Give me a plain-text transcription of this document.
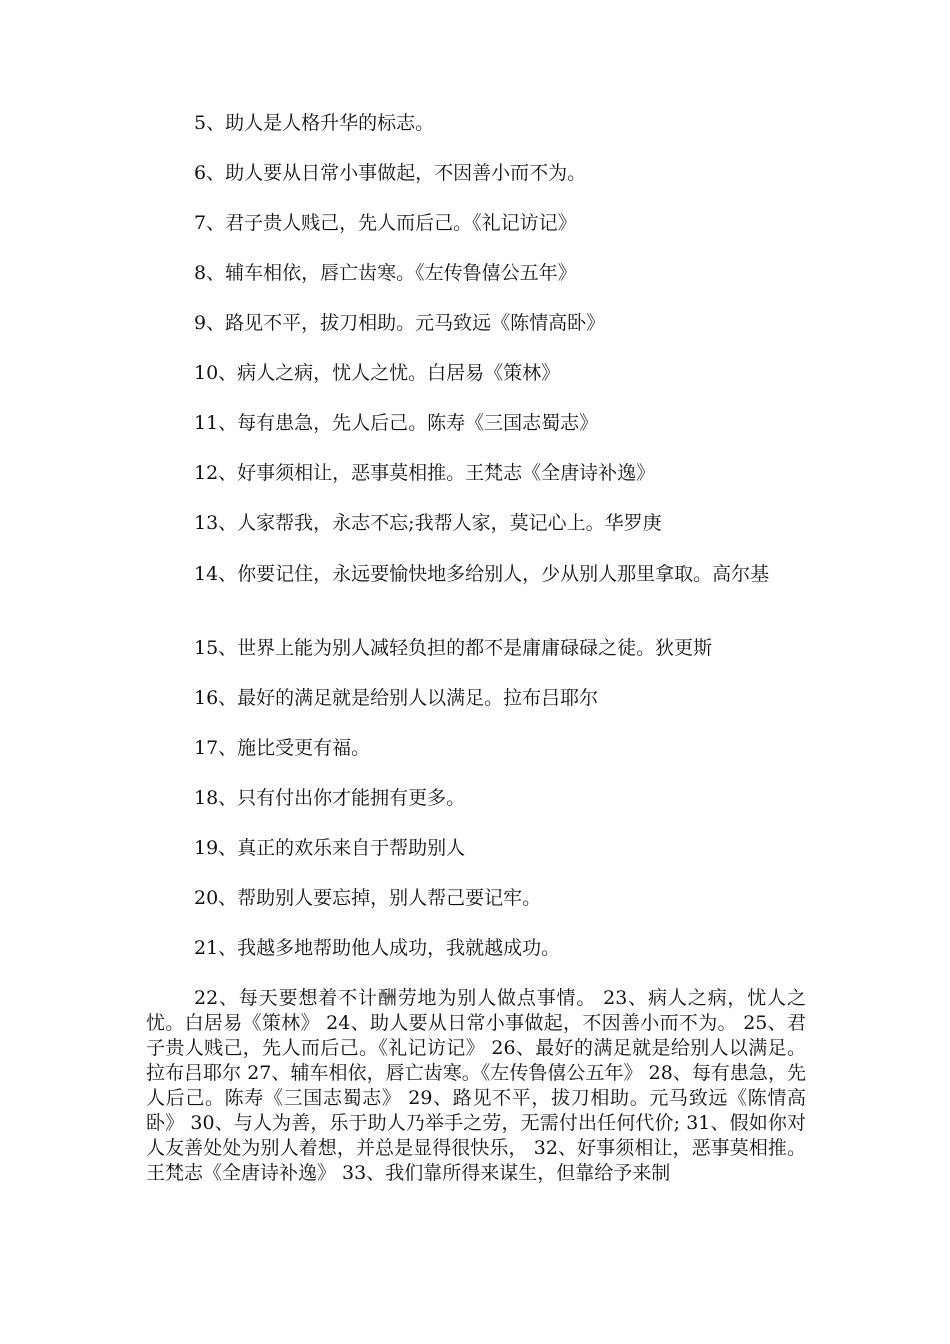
5、助人是人格升华的标志。

6、助人要从日常小事做起，不因善小而不为。

7、君子贵人贱己，先人而后己。《礼记访记》

8、辅车相依，唇亡齿寒。《左传鲁僖公五年》

9、路见不平，拔刀相助。元马致远《陈情高卧》

10、病人之病，忧人之忧。白居易《策林》

11、每有患急，先人后己。陈寿《三国志蜀志》

12、好事须相让，恶事莫相推。王梵志《全唐诗补逸》

13、人家帮我，永志不忘;我帮人家，莫记心上。华罗庚

14、你要记住，永远要愉快地多给别人，少从别人那里拿取。高尔基

15、世界上能为别人减轻负担的都不是庸庸碌碌之徒。狄更斯

16、最好的满足就是给别人以满足。拉布吕耶尔

17、施比受更有福。

18、只有付出你才能拥有更多。

19、真正的欢乐来自于帮助别人

20、帮助别人要忘掉，别人帮己要记牢。

21、我越多地帮助他人成功，我就越成功。

22、每天要想着不计酬劳地为别人做点事情。 23、病人之病，忧人之忧。白居易《策林》 24、助人要从日常小事做起，不因善小而不为。 25、君子贵人贱己，先人而后己。《礼记访记》 26、最好的满足就是给别人以满足。拉布吕耶尔 27、辅车相依，唇亡齿寒。《左传鲁僖公五年》 28、每有患急，先人后己。陈寿《三国志蜀志》 29、路见不平，拔刀相助。元马致远《陈情高卧》 30、与人为善，乐于助人乃举手之劳，无需付出任何代价; 31、假如你对人友善处处为别人着想，并总是显得很快乐， 32、好事须相让，恶事莫相推。王梵志《全唐诗补逸》 33、我们靠所得来谋生，但靠给予来制
